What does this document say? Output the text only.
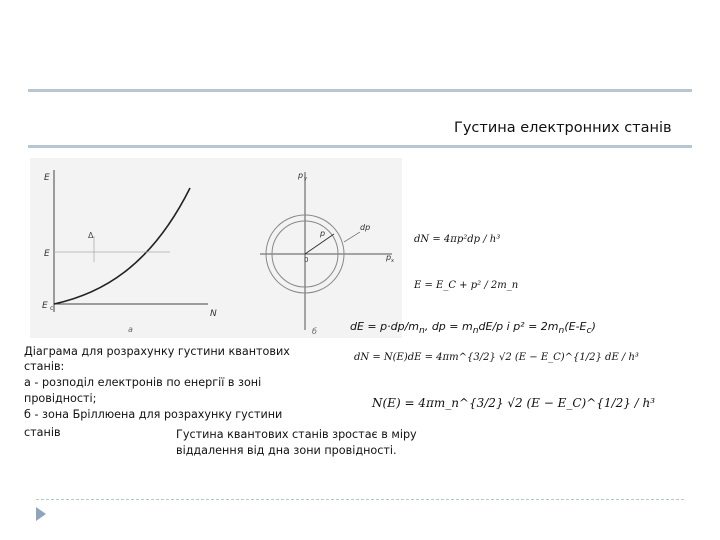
Густина електронних станів
E
E
E c
N
Δ
а
p y
p x
0
p
dp
б
dN = 4πp²dp / h³
E = E_C + p² / 2m_n
dE = $p\cdot dp/m_n$, dp = $m_ndE/p$ і $p^2 = 2m_n(E-E_c)$
dN = N(E)dE = 4πm^{3/2} √2 (E − E_C)^{1/2} dE / h³
N(E) = 4πm_n^{3/2} √2 (E − E_C)^{1/2} / h³
Діаграма для розрахунку густини квантових
станів:
а - розподіл електронів по енергії в зоні
провідності;
б - зона Бріллюена для розрахунку густини
станів	Густина квантових станів зростає в міру
віддалення від дна зони провідності.
